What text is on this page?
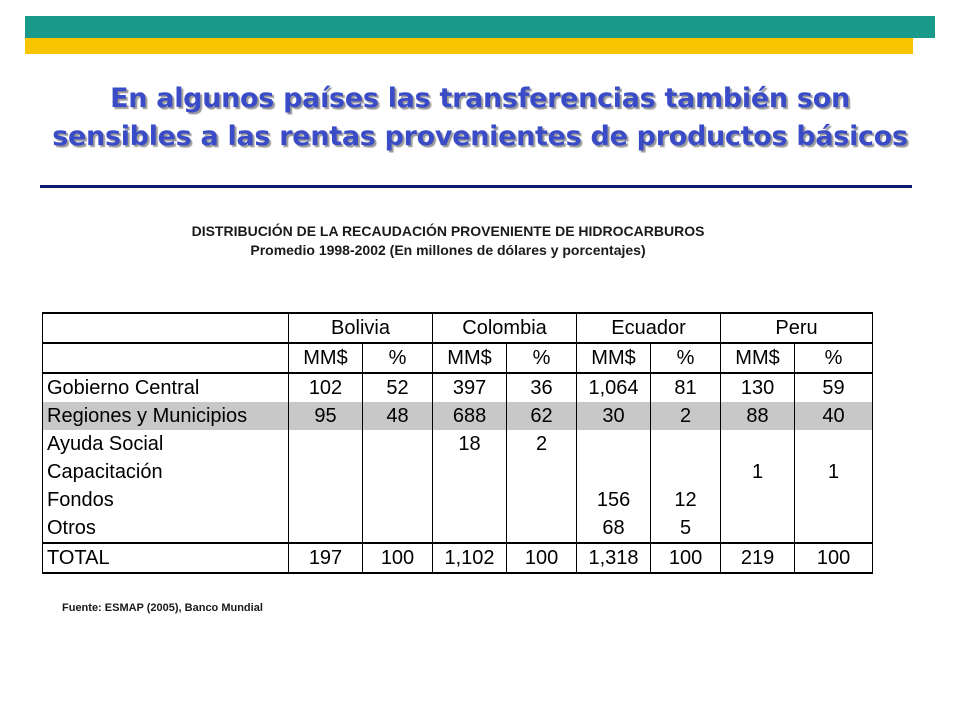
En algunos países las transferencias también son
sensibles a las rentas provenientes de productos básicos
DISTRIBUCIÓN DE LA RECAUDACIÓN PROVENIENTE DE HIDROCARBUROS
Promedio 1998-2002 (En millones de dólares y porcentajes)
	Bolivia		Colombia		Ecuador		Peru	
	MM$	%	MM$	%	MM$	%	MM$	%
Gobierno Central	102	52	397	36	1,064	81	130	59
Regiones y Municipios	95	48	688	62	30	2	88	40
Ayuda Social			18	2				
Capacitación							1	1
Fondos					156	12		
Otros					68	5		
TOTAL	197	100	1,102	100	1,318	100	219	100
Fuente: ESMAP (2005), Banco Mundial
